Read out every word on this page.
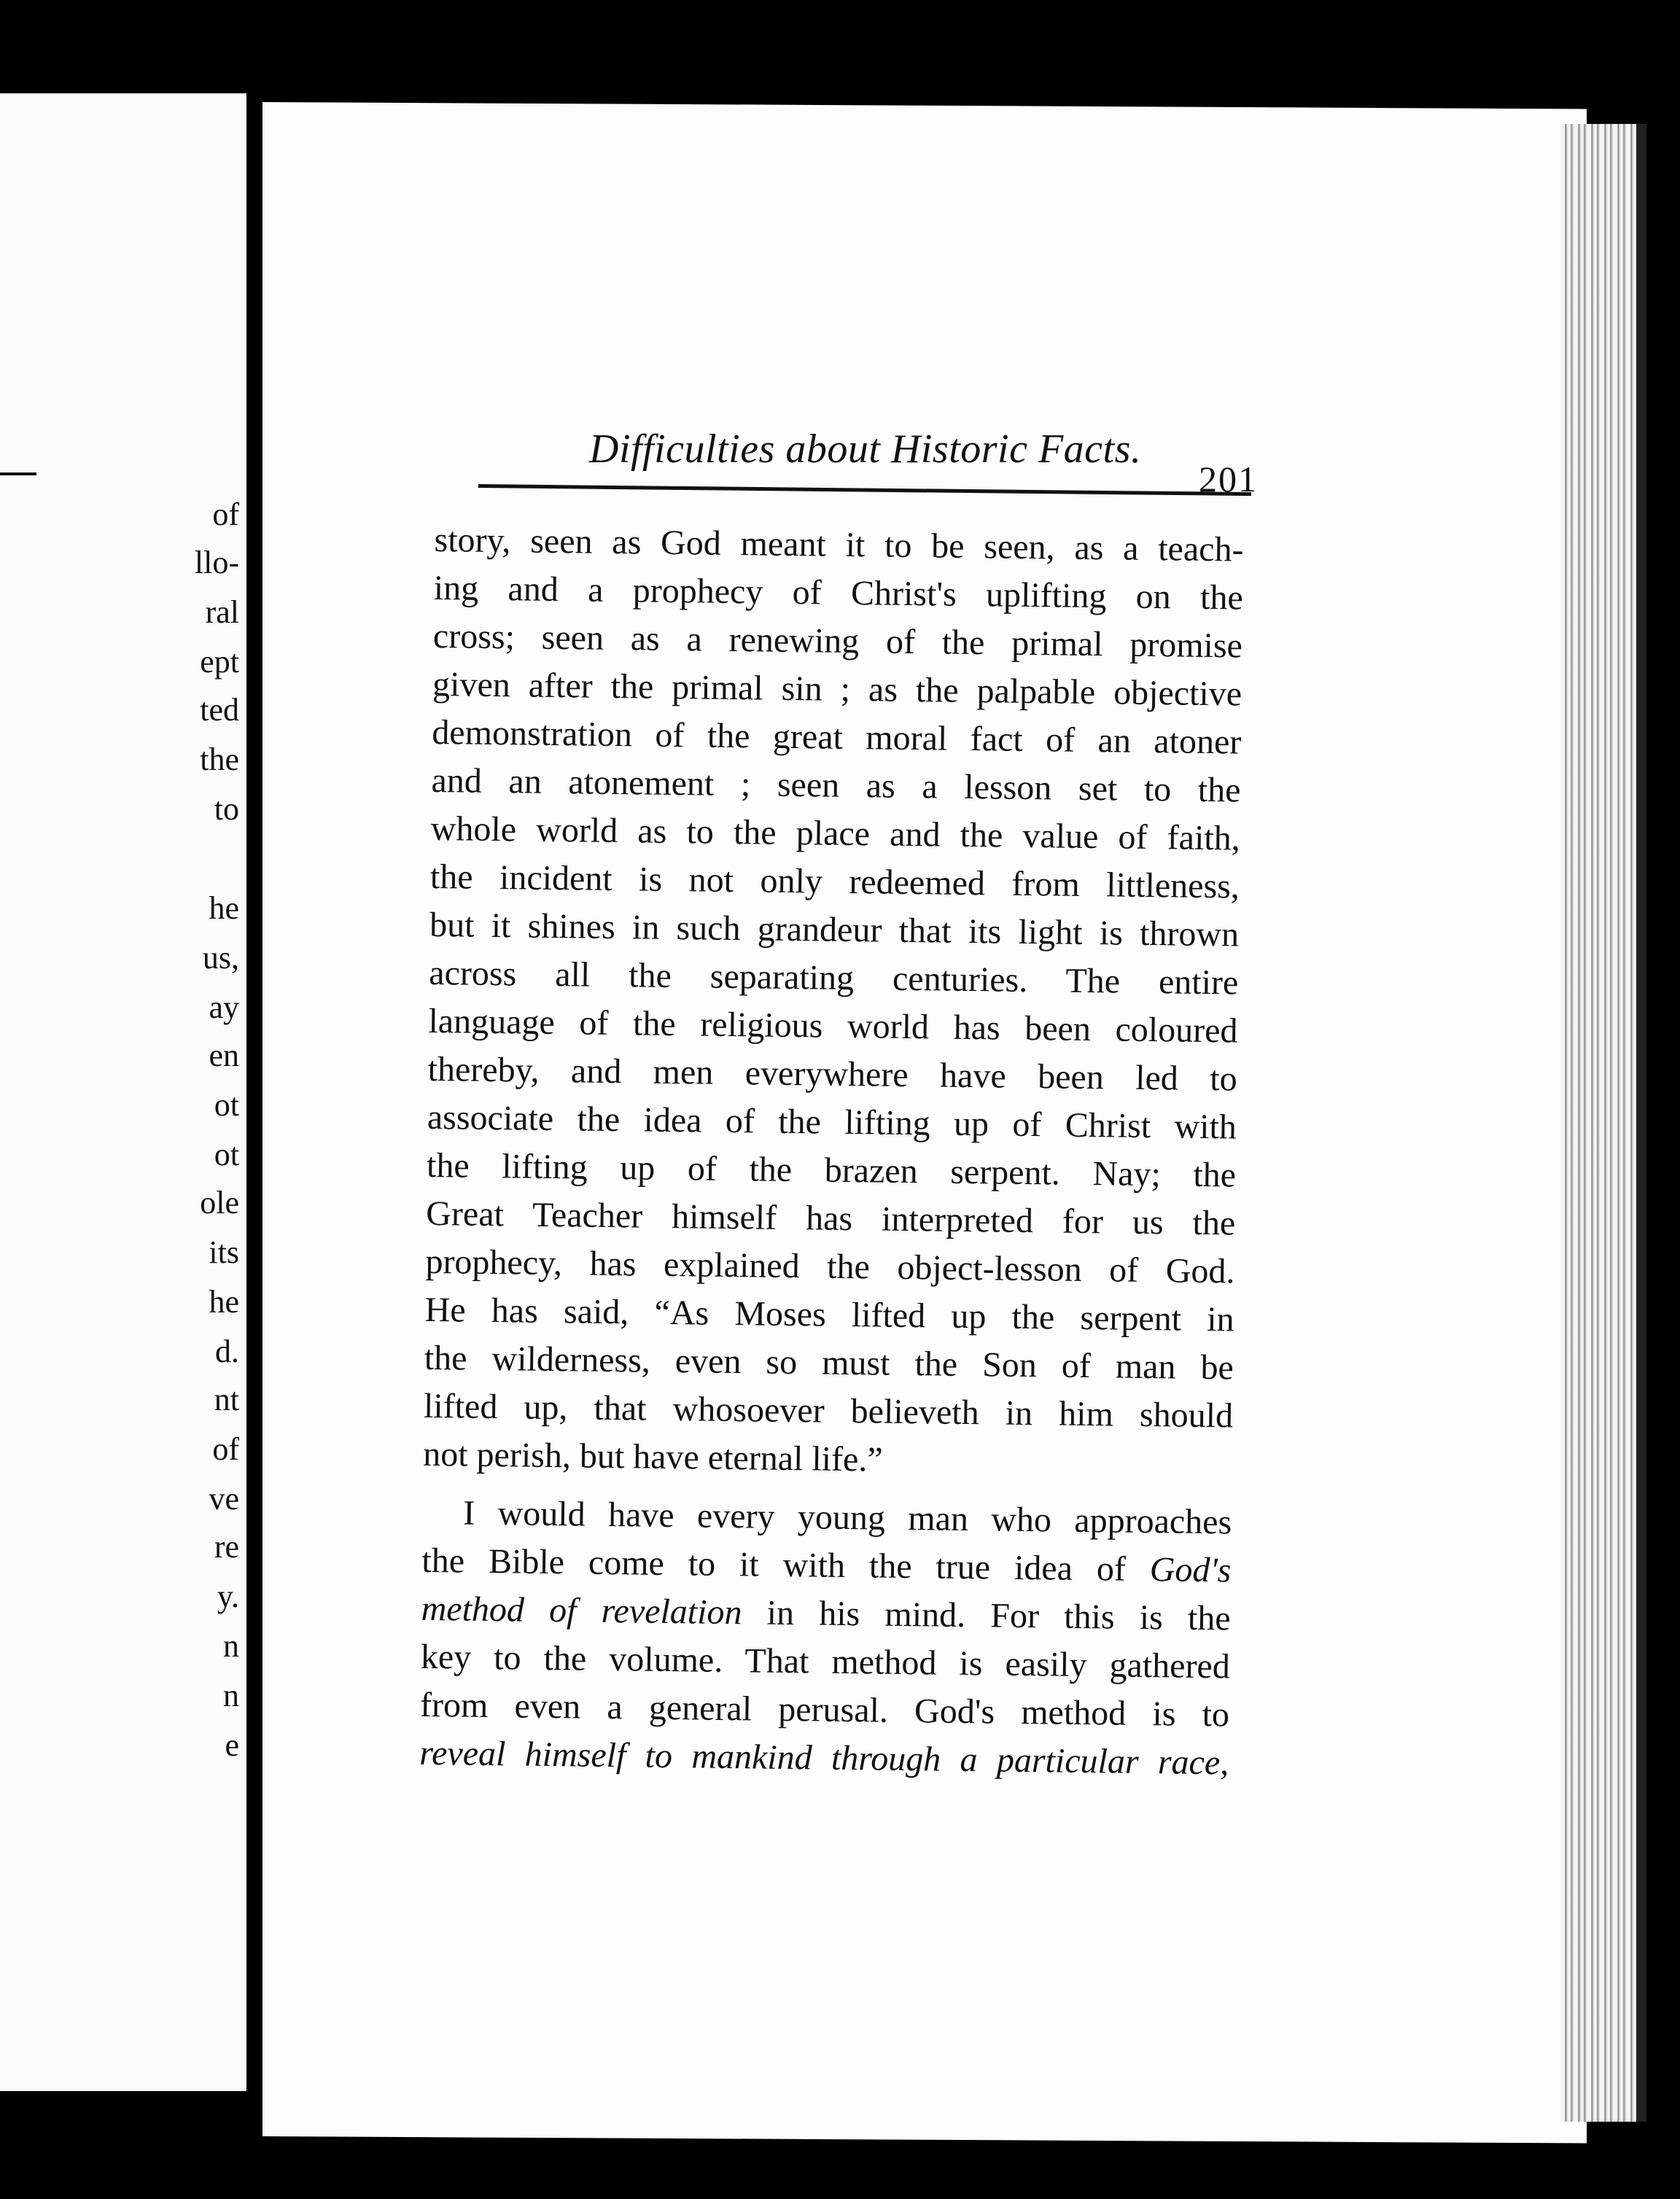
of
llo-
ral
ept
ted
the
to
he
us,
ay
en
ot
ot
ole
its
he
d.
nt
of
ve
re
y.
n
n
e
Difficulties about Historic Facts.
201
story, seen as God meant it to be seen, as a teach-
ing and a prophecy of Christ's uplifting on the
cross; seen as a renewing of the primal promise
given after the primal sin ; as the palpable objective
demonstration of the great moral fact of an atoner
and an atonement ; seen as a lesson set to the
whole world as to the place and the value of faith,
the incident is not only redeemed from littleness,
but it shines in such grandeur that its light is thrown
across all the separating centuries. The entire
language of the religious world has been coloured
thereby, and men everywhere have been led to
associate the idea of the lifting up of Christ with
the lifting up of the brazen serpent. Nay; the
Great Teacher himself has interpreted for us the
prophecy, has explained the object-lesson of God.
He has said, “As Moses lifted up the serpent in
the wilderness, even so must the Son of man be
lifted up, that whosoever believeth in him should
not perish, but have eternal life.”
I would have every young man who approaches
the Bible come to it with the true idea of God's
method of revelation in his mind. For this is the
key to the volume. That method is easily gathered
from even a general perusal. God's method is to
reveal himself to mankind through a particular race,
